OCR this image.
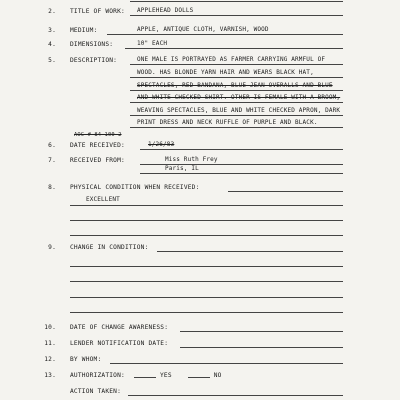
2. TITLE OF WORK: APPLEHEAD DOLLS
3. MEDIUM:	APPLE, ANTIQUE CLOTH, VARNISH, WOOD
4. DIMENSIONS:	10" EACH
5. DESCRIPTION:	ONE MALE IS PORTRAYED AS FARMER CARRYING ARMFUL OF
WOOD. HAS BLONDE YARN HAIR AND WEARS BLACK HAT,
SPECTACLES, RED BANDANA, BLUE JEAN OVERALLS AND BLUE
AND WHITE CHECKED SHIRT. OTHER IS FEMALE WITH A BROOM,
WEAVING SPECTACLES, BLUE AND WHITE CHECKED APRON, DARK
PRINT DRESS AND NECK RUFFLE OF PURPLE AND BLACK.
AOC # 84-100-2
6. DATE RECEIVED:	1/26/83
7. RECEIVED FROM:	Miss Ruth Frey
Paris, IL
8. PHYSICAL CONDITION WHEN RECEIVED:
EXCELLENT
9. CHANGE IN CONDITION:
10. DATE OF CHANGE AWARENESS:
11. LENDER NOTIFICATION DATE:
12. BY WHOM:
13. AUTHORIZATION:	YES	NO
ACTION TAKEN:
